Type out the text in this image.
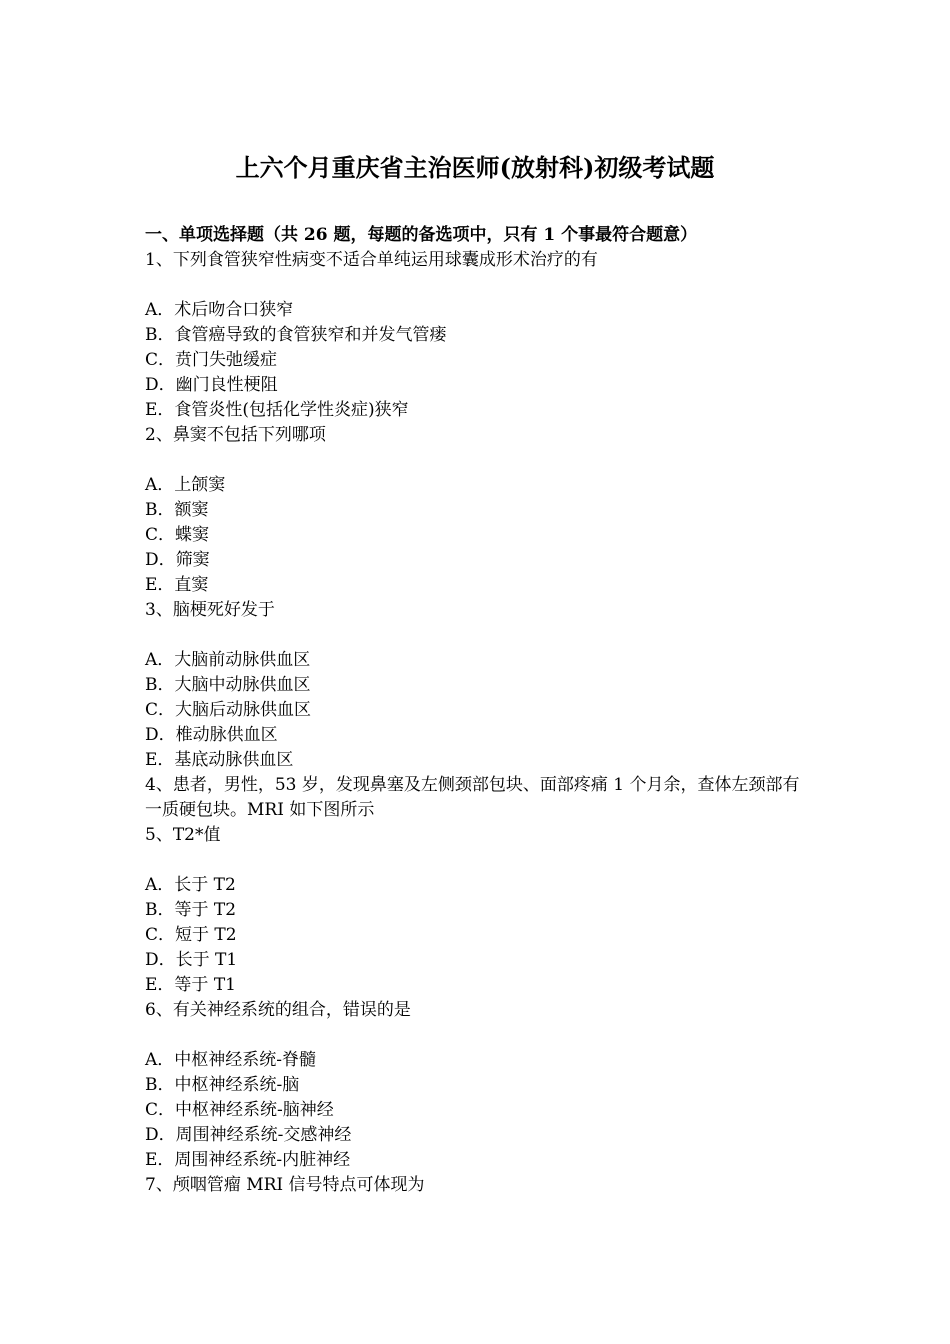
上六个月重庆省主治医师(放射科)初级考试题
一、单项选择题（共 26 题，每题的备选项中，只有 1 个事最符合题意）
1、下列食管狭窄性病变不适合单纯运用球囊成形术治疗的有
A．术后吻合口狭窄
B．食管癌导致的食管狭窄和并发气管瘘
C．贲门失弛缓症
D．幽门良性梗阻
E．食管炎性(包括化学性炎症)狭窄
2、鼻窦不包括下列哪项
A．上颌窦
B．额窦
C．蝶窦
D．筛窦
E．直窦
3、脑梗死好发于
A．大脑前动脉供血区
B．大脑中动脉供血区
C．大脑后动脉供血区
D．椎动脉供血区
E．基底动脉供血区
4、患者，男性，53 岁，发现鼻塞及左侧颈部包块、面部疼痛 1 个月余，查体左颈部有一质硬包块。MRI 如下图所示
5、T2*值
A．长于 T2
B．等于 T2
C．短于 T2
D．长于 T1
E．等于 T1
6、有关神经系统的组合，错误的是
A．中枢神经系统-脊髓
B．中枢神经系统-脑
C．中枢神经系统-脑神经
D．周围神经系统-交感神经
E．周围神经系统-内脏神经
7、颅咽管瘤 MRI 信号特点可体现为
